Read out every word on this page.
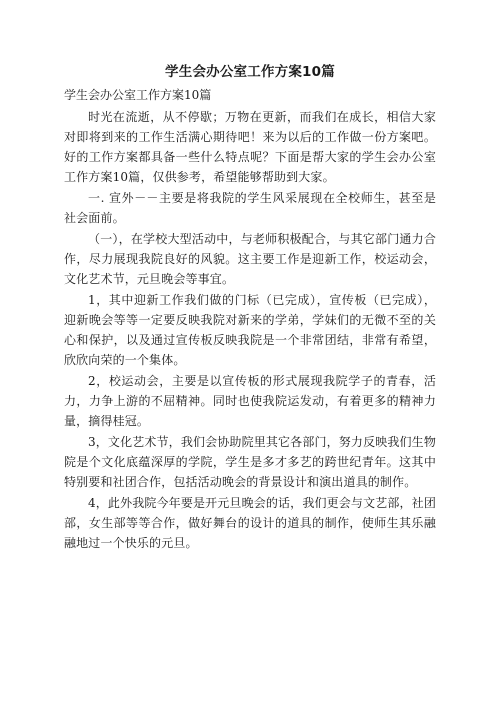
学生会办公室工作方案10篇
学生会办公室工作方案10篇

时光在流逝，从不停歇；万物在更新，而我们在成长，相信大家对即将到来的工作生活满心期待吧！来为以后的工作做一份方案吧。好的工作方案都具备一些什么特点呢？下面是帮大家的学生会办公室工作方案10篇，仅供参考，希望能够帮助到大家。

一. 宣外－－主要是将我院的学生风采展现在全校师生，甚至是社会面前。

（一），在学校大型活动中，与老师积极配合，与其它部门通力合作，尽力展现我院良好的风貌。这主要工作是迎新工作，校运动会，文化艺术节，元旦晚会等事宜。

1，其中迎新工作我们做的门标（已完成），宣传板（已完成），迎新晚会等等一定要反映我院对新来的学弟，学妹们的无微不至的关心和保护，以及通过宣传板反映我院是一个非常团结，非常有希望，欣欣向荣的一个集体。

2，校运动会，主要是以宣传板的形式展现我院学子的青春，活力，力争上游的不屈精神。同时也使我院运发动，有着更多的精神力量，摘得桂冠。

3，文化艺术节，我们会协助院里其它各部门，努力反映我们生物院是个文化底蕴深厚的学院，学生是多才多艺的跨世纪青年。这其中特别要和社团合作，包括活动晚会的背景设计和演出道具的制作。

4，此外我院今年要是开元旦晚会的话，我们更会与文艺部，社团部，女生部等等合作，做好舞台的设计的道具的制作，使师生其乐融融地过一个快乐的元旦。
